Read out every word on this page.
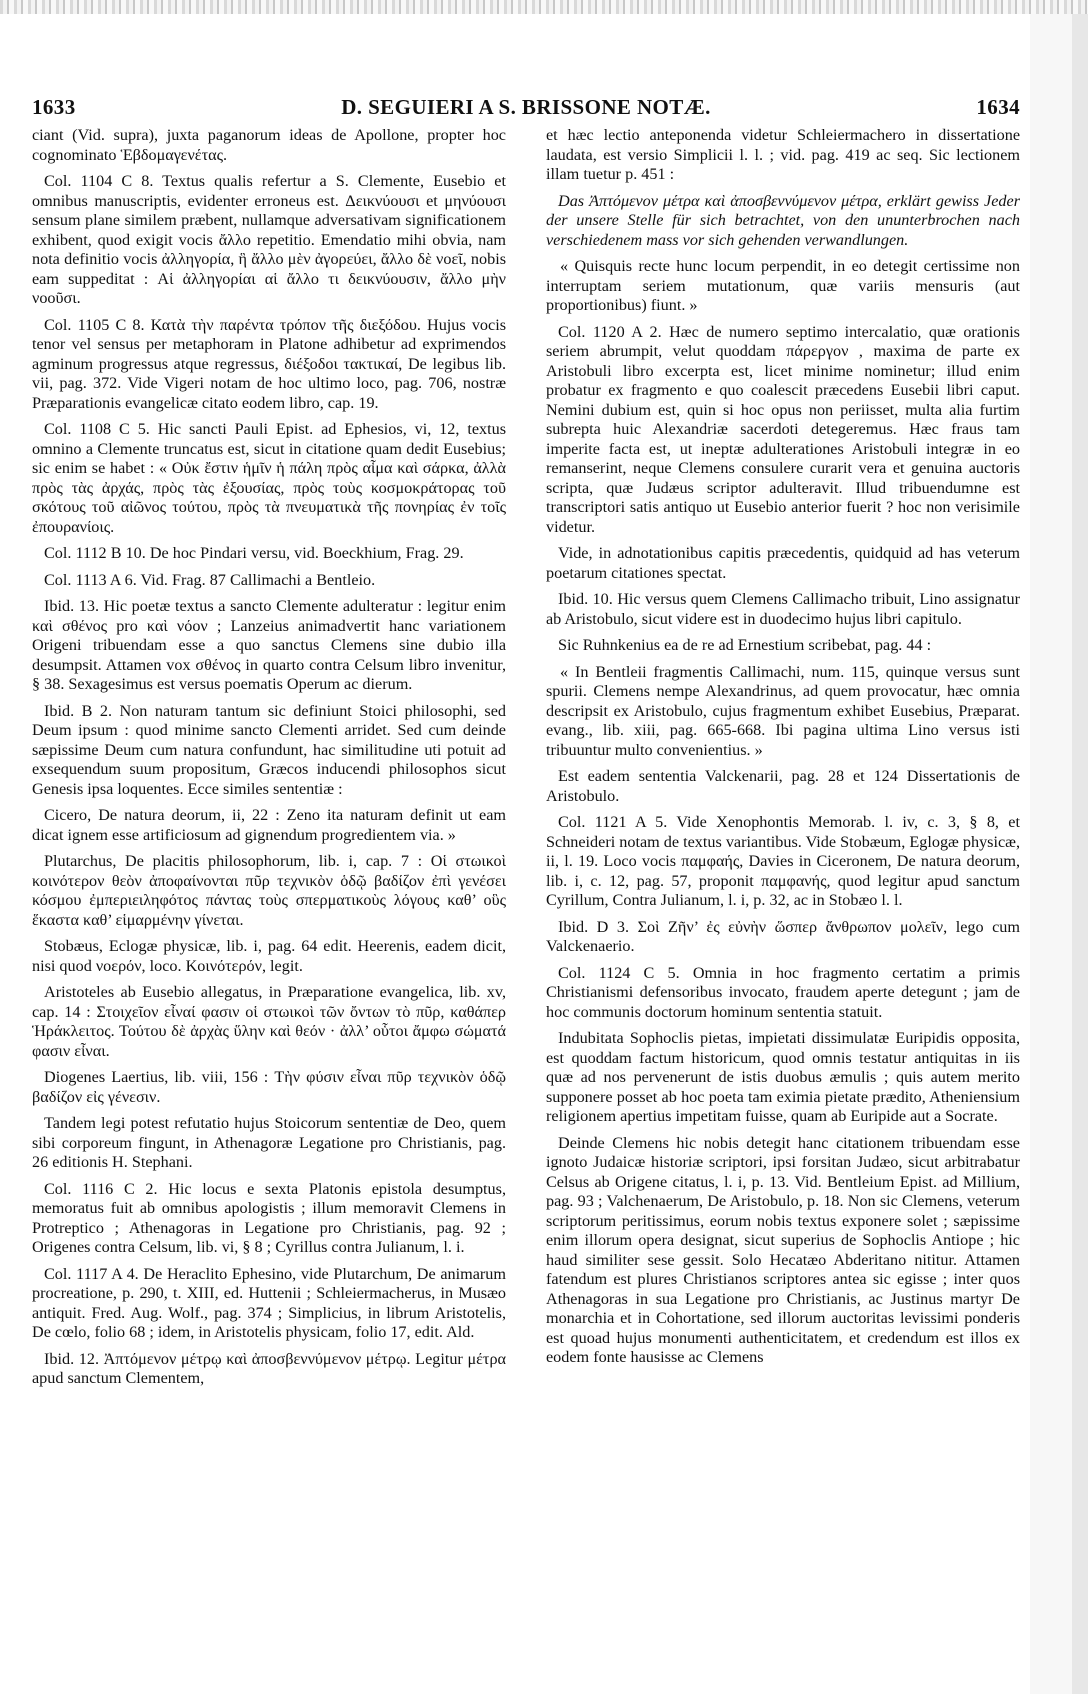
1633	D. SEGUIERI A S. BRISSONE NOTÆ.	1634

ciant (Vid. supra), juxta paganorum ideas de Apollone, propter hoc cognominato Ἑβδομαγενέτας.

Col. 1104 C 8. Textus qualis refertur a S. Clemente, Eusebio et omnibus manuscriptis, evidenter erroneus est. Δεικνύουσι et μηνύουσι sensum plane similem præbent, nullamque adversativam significationem exhibent, quod exigit vocis ἄλλο repetitio. Emendatio mihi obvia, nam nota definitio vocis ἀλληγορία, ἣ ἄλλο μὲν ἀγορεύει, ἄλλο δὲ νοεῖ, nobis eam suppeditat : Αἱ ἀλληγορίαι αἱ ἄλλο τι δεικνύουσιν, ἄλλο μὴν νοοῦσι.

Col. 1105 C 8. Κατὰ τὴν παρέντα τρόπον τῆς διεξόδου. Hujus vocis tenor vel sensus per metaphoram in Platone adhibetur ad exprimendos agminum progressus atque regressus, διέξοδοι τακτικαί, De legibus lib. vii, pag. 372. Vide Vigeri notam de hoc ultimo loco, pag. 706, nostræ Præparationis evangelicæ citato eodem libro, cap. 19.

Col. 1108 C 5. Hic sancti Pauli Epist. ad Ephesios, vi, 12, textus omnino a Clemente truncatus est, sicut in citatione quam dedit Eusebius; sic enim se habet : « Οὐκ ἔστιν ἡμῖν ἡ πάλη πρὸς αἷμα καὶ σάρκα, ἀλλὰ πρὸς τὰς ἀρχάς, πρὸς τὰς ἐξουσίας, πρὸς τοὺς κοσμοκράτορας τοῦ σκότους τοῦ αἰῶνος τούτου, πρὸς τὰ πνευματικὰ τῆς πονηρίας ἐν τοῖς ἐπουρανίοις.

Col. 1112 B 10. De hoc Pindari versu, vid. Boeckhium, Frag. 29.

Col. 1113 A 6. Vid. Frag. 87 Callimachi a Bentleio.

Ibid. 13. Hic poetæ textus a sancto Clemente adulteratur : legitur enim καὶ σθένος pro καὶ νόον ; Lanzeius animadvertit hanc variationem Origeni tribuendam esse a quo sanctus Clemens sine dubio illa desumpsit. Attamen vox σθένος in quarto contra Celsum libro invenitur, § 38. Sexagesimus est versus poematis Operum ac dierum.

Ibid. B 2. Non naturam tantum sic definiunt Stoici philosophi, sed Deum ipsum : quod minime sancto Clementi arridet. Sed cum deinde sæpissime Deum cum natura confundunt, hac similitudine uti potuit ad exsequendum suum propositum, Græcos inducendi philosophos sicut Genesis ipsa loquentes. Ecce similes sententiæ :

Cicero, De natura deorum, ii, 22 : Zeno ita naturam definit ut eam dicat ignem esse artificiosum ad gignendum progredientem via. »

Plutarchus, De placitis philosophorum, lib. i, cap. 7 : Οἱ στωικοὶ κοινότερον θεὸν ἀποφαίνονται πῦρ τεχνικὸν ὁδῷ βαδίζον ἐπὶ γενέσει κόσμου ἐμπεριειληφότος πάντας τοὺς σπερματικοὺς λόγους καθ’ οὓς ἕκαστα καθ’ εἱμαρμένην γίνεται.

Stobæus, Eclogæ physicæ, lib. i, pag. 64 edit. Heerenis, eadem dicit, nisi quod νοερόν, loco. Κοινότερόν, legit.

Aristoteles ab Eusebio allegatus, in Præparatione evangelica, lib. xv, cap. 14 : Στοιχεῖον εἶναί φασιν οἱ στωικοὶ τῶν ὄντων τὸ πῦρ, καθάπερ Ἡράκλειτος. Τούτου δὲ ἀρχὰς ὕλην καὶ θεόν · ἀλλ’ οὗτοι ἄμφω σώματά φασιν εἶναι.

Diogenes Laertius, lib. viii, 156 : Τὴν φύσιν εἶναι πῦρ τεχνικὸν ὁδῷ βαδίζον εἰς γένεσιν.

Tandem legi potest refutatio hujus Stoicorum sententiæ de Deo, quem sibi corporeum fingunt, in Athenagoræ Legatione pro Christianis, pag. 26 editionis H. Stephani.

Col. 1116 C 2. Hic locus e sexta Platonis epistola desumptus, memoratus fuit ab omnibus apologistis ; illum memoravit Clemens in Protreptico ; Athenagoras in Legatione pro Christianis, pag. 92 ; Origenes contra Celsum, lib. vi, § 8 ; Cyrillus contra Julianum, l. i.

Col. 1117 A 4. De Heraclito Ephesino, vide Plutarchum, De animarum procreatione, p. 290, t. XIII, ed. Huttenii ; Schleiermacherus, in Musæo antiquit. Fred. Aug. Wolf., pag. 374 ; Simplicius, in librum Aristotelis, De cœlo, folio 68 ; idem, in Aristotelis physicam, folio 17, edit. Ald.

Ibid. 12. Ἀπτόμενον μέτρῳ καὶ ἀποσβεννύμενον μέτρῳ. Legitur μέτρα apud sanctum Clementem,

et hæc lectio anteponenda videtur Schleiermachero in dissertatione laudata, est versio Simplicii l. l. ; vid. pag. 419 ac seq. Sic lectionem illam tuetur p. 451 :

Das Ἀπτόμενον μέτρα καὶ ἀποσβεννύμενον μέτρα, erklärt gewiss Jeder der unsere Stelle für sich betrachtet, von den ununterbrochen nach verschiedenem mass vor sich gehenden verwandlungen.

« Quisquis recte hunc locum perpendit, in eo detegit certissime non interruptam seriem mutationum, quæ variis mensuris (aut proportionibus) fiunt. »

Col. 1120 A 2. Hæc de numero septimo intercalatio, quæ orationis seriem abrumpit, velut quoddam πάρεργον , maxima de parte ex Aristobuli libro excerpta est, licet minime nominetur; illud enim probatur ex fragmento e quo coalescit præcedens Eusebii libri caput. Nemini dubium est, quin si hoc opus non periisset, multa alia furtim subrepta huic Alexandriæ sacerdoti detegeremus. Hæc fraus tam imperite facta est, ut ineptæ adulterationes Aristobuli integræ in eo remanserint, neque Clemens consulere curarit vera et genuina auctoris scripta, quæ Judæus scriptor adulteravit. Illud tribuendumne est transcriptori satis antiquo ut Eusebio anterior fuerit ? hoc non verisimile videtur.

Vide, in adnotationibus capitis præcedentis, quidquid ad has veterum poetarum citationes spectat.

Ibid. 10. Hic versus quem Clemens Callimacho tribuit, Lino assignatur ab Aristobulo, sicut videre est in duodecimo hujus libri capitulo.

Sic Ruhnkenius ea de re ad Ernestium scribebat, pag. 44 :

« In Bentleii fragmentis Callimachi, num. 115, quinque versus sunt spurii. Clemens nempe Alexandrinus, ad quem provocatur, hæc omnia descripsit ex Aristobulo, cujus fragmentum exhibet Eusebius, Præparat. evang., lib. xiii, pag. 665-668. Ibi pagina ultima Lino versus isti tribuuntur multo convenientius. »

Est eadem sententia Valckenarii, pag. 28 et 124 Dissertationis de Aristobulo.

Col. 1121 A 5. Vide Xenophontis Memorab. l. iv, c. 3, § 8, et Schneideri notam de textus variantibus. Vide Stobæum, Eglogæ physicæ, ii, l. 19. Loco vocis παμφαής, Davies in Ciceronem, De natura deorum, lib. i, c. 12, pag. 57, proponit παμφανής, quod legitur apud sanctum Cyrillum, Contra Julianum, l. i, p. 32, ac in Stobæo l. l.

Ibid. D 3. Σοὶ Ζῆν’ ἐς εὐνὴν ὥσπερ ἄνθρωπον μολεῖν, lego cum Valckenaerio.

Col. 1124 C 5. Omnia in hoc fragmento certatim a primis Christianismi defensoribus invocato, fraudem aperte detegunt ; jam de hoc communis doctorum hominum sententia statuit.

Indubitata Sophoclis pietas, impietati dissimulatæ Euripidis opposita, est quoddam factum historicum, quod omnis testatur antiquitas in iis quæ ad nos pervenerunt de istis duobus æmulis ; quis autem merito supponere posset ab hoc poeta tam eximia pietate prædito, Atheniensium religionem apertius impetitam fuisse, quam ab Euripide aut a Socrate.

Deinde Clemens hic nobis detegit hanc citationem tribuendam esse ignoto Judaicæ historiæ scriptori, ipsi forsitan Judæo, sicut arbitrabatur Celsus ab Origene citatus, l. i, p. 13. Vid. Bentleium Epist. ad Millium, pag. 93 ; Valchenaerum, De Aristobulo, p. 18. Non sic Clemens, veterum scriptorum peritissimus, eorum nobis textus exponere solet ; sæpissime enim illorum opera designat, sicut superius de Sophoclis Antiope ; hic haud similiter sese gessit. Solo Hecatæo Abderitano nititur. Attamen fatendum est plures Christianos scriptores antea sic egisse ; inter quos Athenagoras in sua Legatione pro Christianis, ac Justinus martyr De monarchia et in Cohortatione, sed illorum auctoritas levissimi ponderis est quoad hujus monumenti authenticitatem, et credendum est illos ex eodem fonte hausisse ac Clemens
